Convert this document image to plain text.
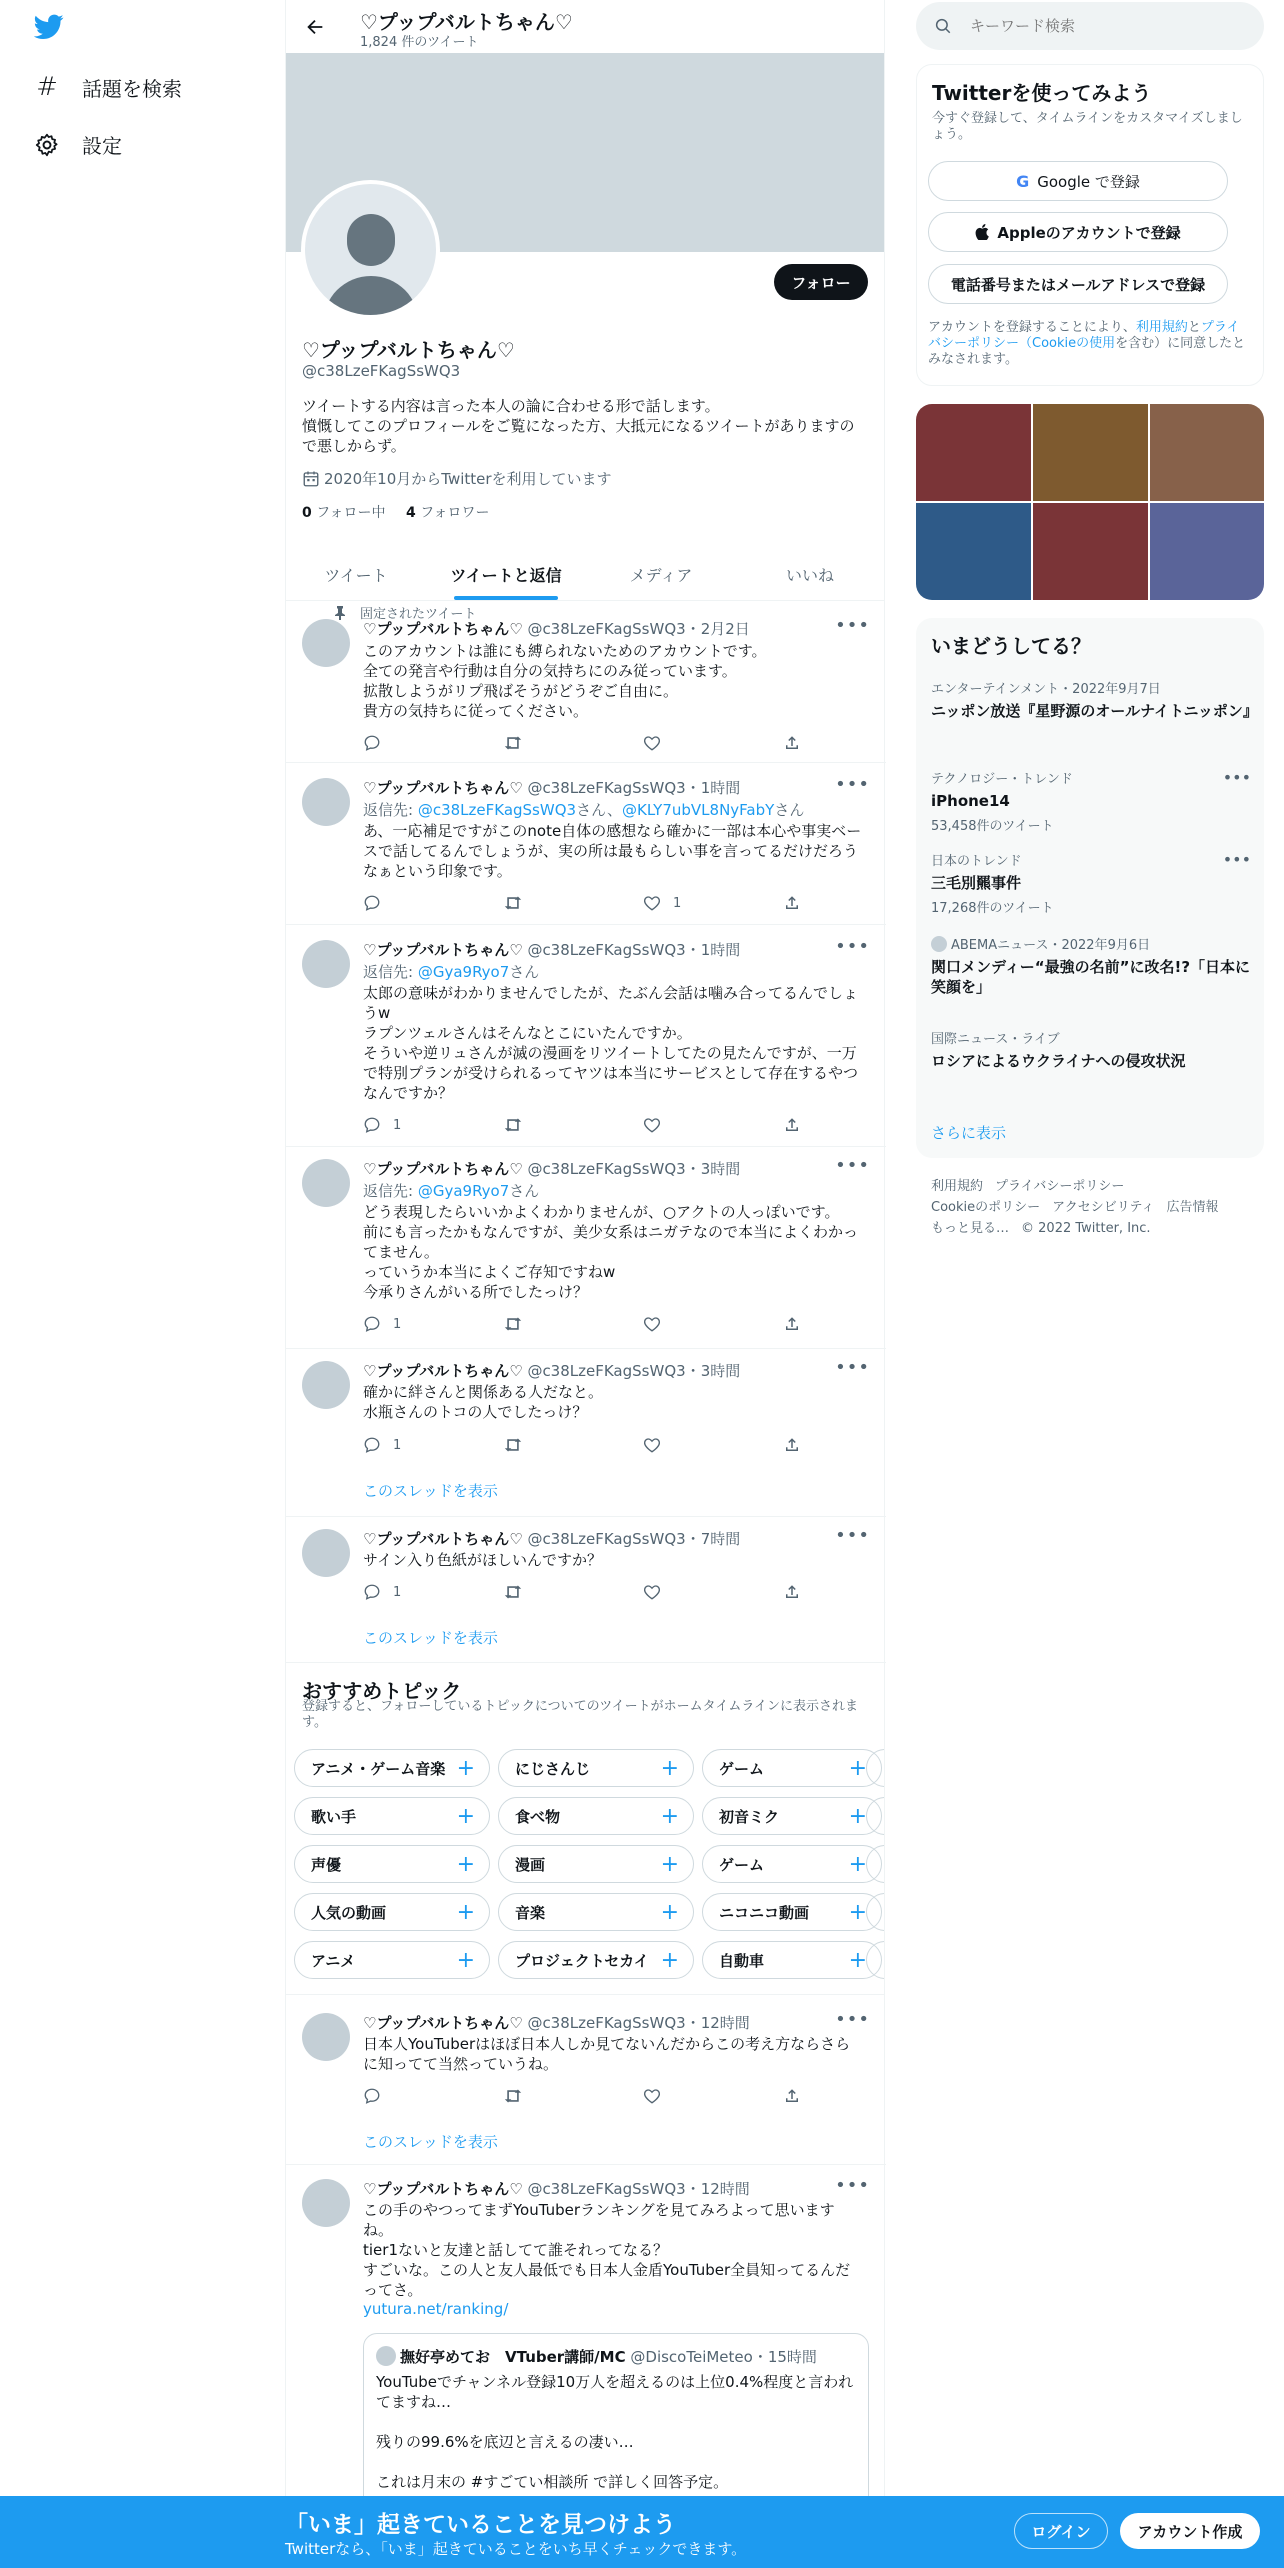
# 話題を検索
設定
♡プップバルトちゃん♡
1,824 件のツイート
フォロー
♡プップバルトちゃん♡
@c38LzeFKagSsWQ3
ツイートする内容は言った本人の論に合わせる形で話します。
憤慨してこのプロフィールをご覧になった方、大抵元になるツイートがありますので悪しからず。
2020年10月からTwitterを利用しています
0 フォロー中 4 フォロワー
ツイート	ツイートと返信	メディア	いいね
固定されたツイート
♡プップバルトちゃん♡ @c38LzeFKagSsWQ3・2月2日	•••
このアカウントは誰にも縛られないためのアカウントです。
全ての発言や行動は自分の気持ちにのみ従っています。
拡散しようがリプ飛ばそうがどうぞご自由に。
貴方の気持ちに従ってください。
♡プップバルトちゃん♡ @c38LzeFKagSsWQ3・1時間	•••
返信先: @c38LzeFKagSsWQ3さん、@KLY7ubVL8NyFabYさん
あ、一応補足ですがこのnote自体の感想なら確かに一部は本心や事実ベースで話してるんでしょうが、実の所は最もらしい事を言ってるだけだろうなぁという印象です。
1
♡プップバルトちゃん♡ @c38LzeFKagSsWQ3・1時間	•••
返信先: @Gya9Ryo7さん
太郎の意味がわかりませんでしたが、たぶん会話は噛み合ってるんでしょうw
ラプンツェルさんはそんなとこにいたんですか。
そういや逆リュさんが滅の漫画をリツイートしてたの見たんですが、一万で特別プランが受けられるってヤツは本当にサービスとして存在するやつなんですか？
1
♡プップバルトちゃん♡ @c38LzeFKagSsWQ3・3時間	•••
返信先: @Gya9Ryo7さん
どう表現したらいいかよくわかりませんが、○アクトの人っぽいです。
前にも言ったかもなんですが、美少女系はニガテなので本当によくわかってません。
っていうか本当によくご存知ですねw
今承りさんがいる所でしたっけ？
1
♡プップバルトちゃん♡ @c38LzeFKagSsWQ3・3時間	•••
確かに絆さんと関係ある人だなと。
水瓶さんのトコの人でしたっけ？
1
このスレッドを表示
♡プップバルトちゃん♡ @c38LzeFKagSsWQ3・7時間	•••
サイン入り色紙がほしいんですか？
1
このスレッドを表示
おすすめトピック
登録すると、フォローしているトピックについてのツイートがホームタイムラインに表示されます。
アニメ・ゲーム音楽 +	にじさんじ	+	ゲーム	+
歌い手	+	食べ物	+	初音ミク	+
声優	+	漫画	+	ゲーム	+
人気の動画	+	音楽	+	ニコニコ動画 +
アニメ	+	プロジェクトセカイ +	自動車	+
♡プップバルトちゃん♡ @c38LzeFKagSsWQ3・12時間	•••
日本人YouTuberはほぼ日本人しか見てないんだからこの考え方ならさらに知ってて当然っていうね。
このスレッドを表示
♡プップバルトちゃん♡ @c38LzeFKagSsWQ3・12時間	•••
この手のやつってまずYouTuberランキングを見てみろよって思いますね。
tier1ないと友達と話してて誰それってなる？
すごいな。この人と友人最低でも日本人金盾YouTuber全員知ってるんだってさ。
yutura.net/ranking/
撫好亭めてお　VTuber講師/MC @DiscoTeiMeteo・15時間
YouTubeでチャンネル登録10万人を超えるのは上位0.4%程度と言われてますね…

残りの99.6%を底辺と言えるの凄い…

これは月末の #すごてい相談所 で詳しく回答予定。
キーワード検索
Twitterを使ってみよう
今すぐ登録して、タイムラインをカスタマイズしましょう。
G Google で登録
Appleのアカウントで登録
電話番号またはメールアドレスで登録
アカウントを登録することにより、利用規約とプライバシーポリシー（Cookieの使用を含む）に同意したとみなされます。
いまどうしてる？
エンターテインメント・2022年9月7日
ニッポン放送『星野源のオールナイトニッポン』
•••
テクノロジー・トレンド
iPhone14
53,458件のツイート
•••
日本のトレンド
三毛別羆事件
17,268件のツイート
ABEMAニュース・2022年9月6日
関口メンディー“最強の名前”に改名!?「日本に笑顔を」
国際ニュース・ライブ
ロシアによるウクライナへの侵攻状況
さらに表示
利用規約 プライバシーポリシー
Cookieのポリシー アクセシビリティ 広告情報
もっと見る… © 2022 Twitter, Inc.
「いま」起きていることを見つけよう
Twitterなら、「いま」起きていることをいち早くチェックできます。
ログイン	アカウント作成
